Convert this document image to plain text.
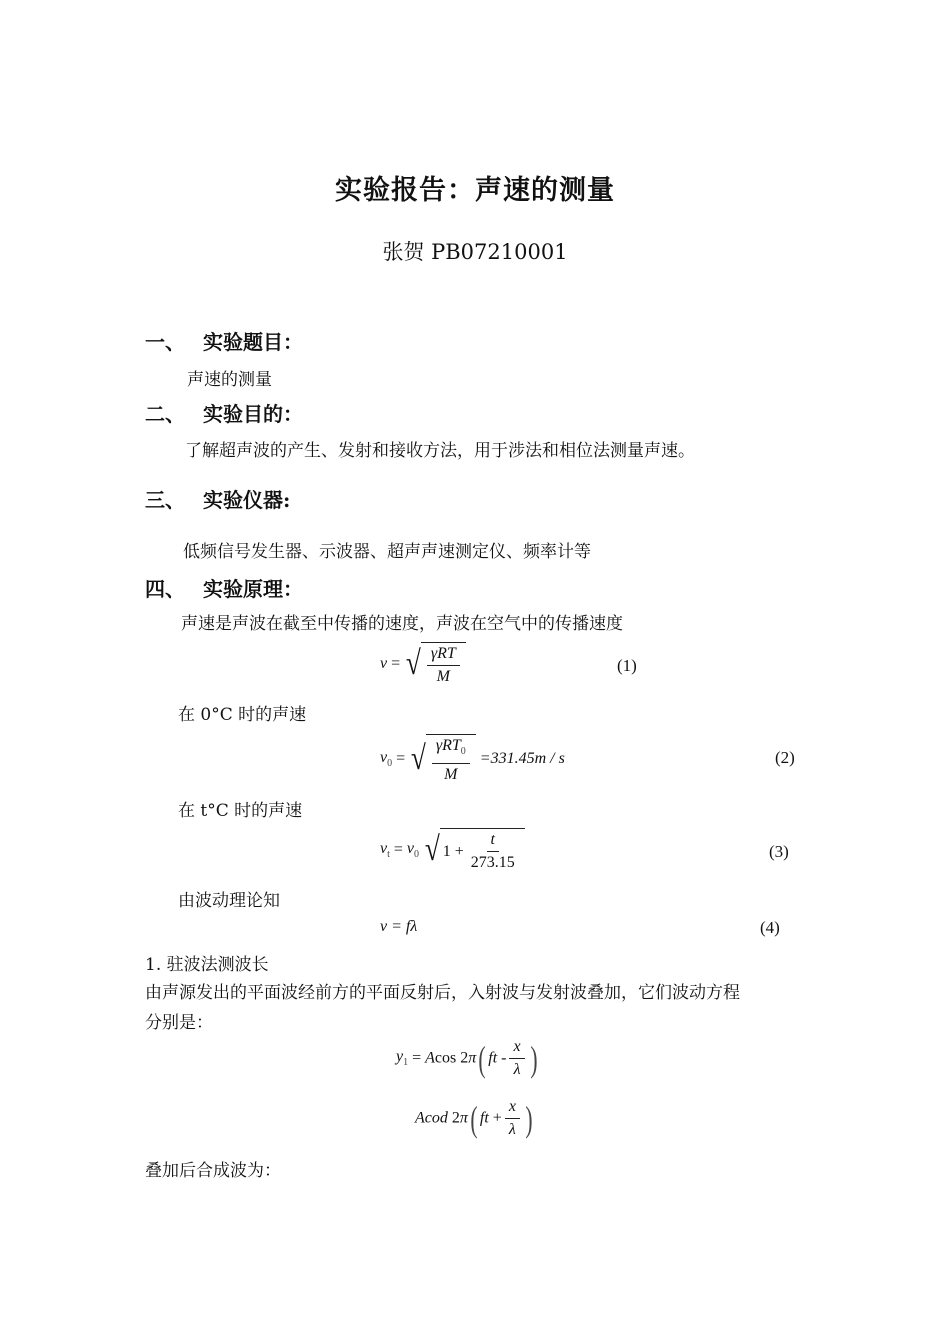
实验报告：声速的测量
张贺 PB07210001
一、 实验题目：
声速的测量
二、 实验目的：
了解超声波的产生、发射和接收方法，用于涉法和相位法测量声速。
三、 实验仪器:
低频信号发生器、示波器、超声声速测定仪、频率计等
四、 实验原理：
声速是声波在截至中传播的速度，声波在空气中的传播速度
v = √ $\frac{\text{γRT}}{M}$	(1)
在 0°C 时的声速
$v_0$ = √ $\frac{\gamma RT_0}{M} =331.45m / s$	(2)
在 t°C 时的声速
$v_t = v_0$ √ $1 + \frac{t}{273.15}$	(3)
由波动理论知
v = fλ	(4)
1. 驻波法测波长
由声源发出的平面波经前方的平面反射后，入射波与发射波叠加，它们波动方程
分别是：
$y_1 = Acos$ 2π( ft - $\frac{x}{\lambda}$ )
Acod 2π( ft + $\frac{x}{\lambda}$ )
叠加后合成波为：
